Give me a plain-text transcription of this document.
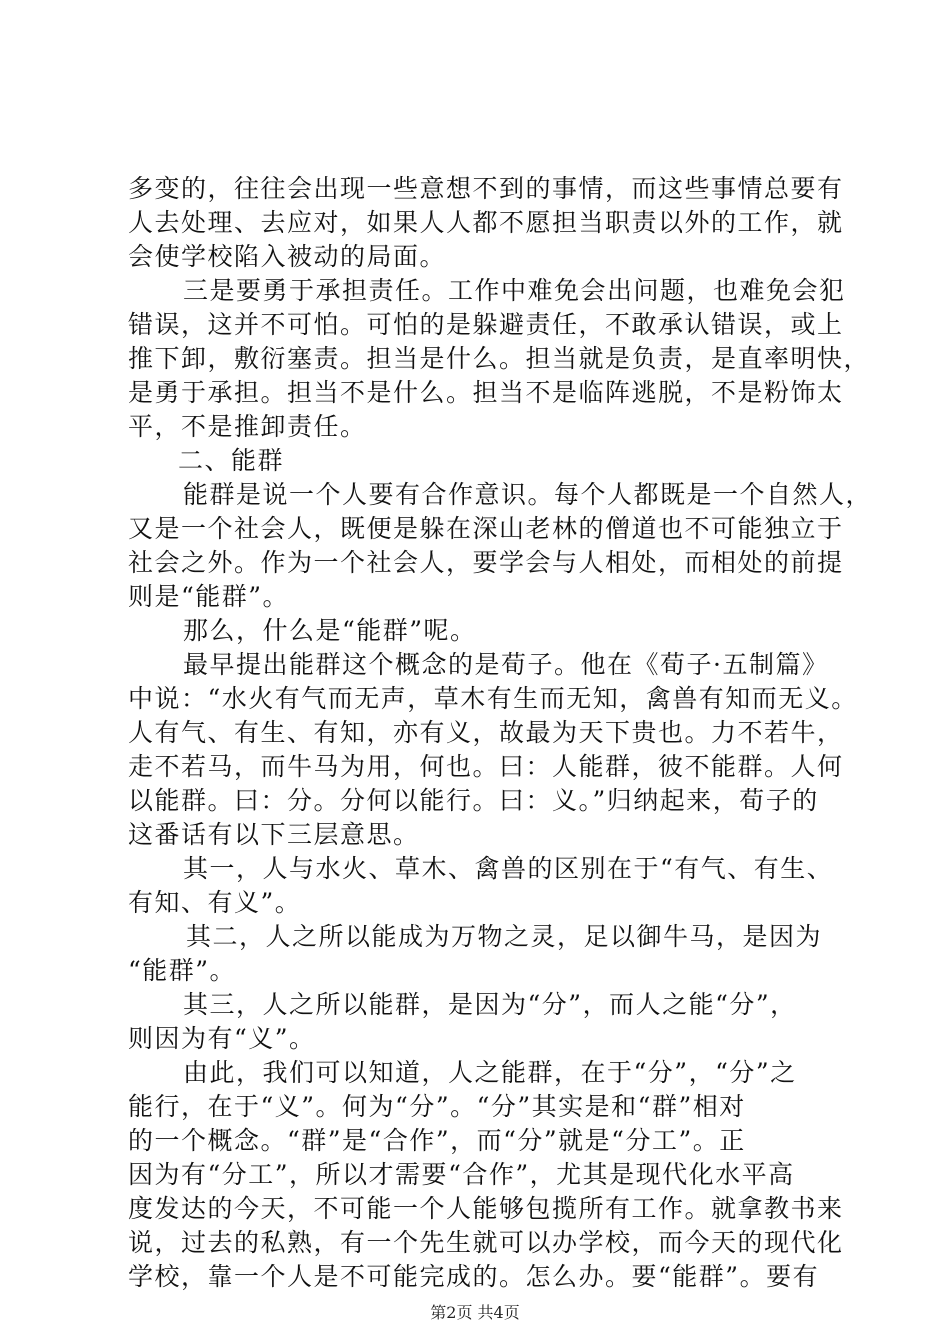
多变的，往往会出现一些意想不到的事情，而这些事情总要有
人去处理、去应对，如果人人都不愿担当职责以外的工作，就
会使学校陷入被动的局面。
三是要勇于承担责任。工作中难免会出问题，也难免会犯
错误，这并不可怕。可怕的是躲避责任，不敢承认错误，或上
推下卸，敷衍塞责。担当是什么。担当就是负责，是直率明快，
是勇于承担。担当不是什么。担当不是临阵逃脱，不是粉饰太
平，不是推卸责任。
二、能群
能群是说一个人要有合作意识。每个人都既是一个自然人，
又是一个社会人，既便是躲在深山老林的僧道也不可能独立于
社会之外。作为一个社会人，要学会与人相处，而相处的前提
则是“能群”。
那么，什么是“能群”呢。
最早提出能群这个概念的是荀子。他在《荀子·五制篇》
中说：“水火有气而无声，草木有生而无知，禽兽有知而无义。
人有气、有生、有知，亦有义，故最为天下贵也。力不若牛，
走不若马，而牛马为用，何也。曰：人能群，彼不能群。人何
以能群。曰：分。分何以能行。曰：义。”归纳起来，荀子的
这番话有以下三层意思。
其一，人与水火、草木、禽兽的区别在于“有气、有生、
有知、有义”。
其二，人之所以能成为万物之灵，足以御牛马，是因为
“能群”。
其三，人之所以能群，是因为“分”，而人之能“分”，
则因为有“义”。
由此，我们可以知道，人之能群，在于“分”，“分”之
能行，在于“义”。何为“分”。“分”其实是和“群”相对
的一个概念。“群”是“合作”，而“分”就是“分工”。正
因为有“分工”，所以才需要“合作”，尤其是现代化水平高
度发达的今天，不可能一个人能够包揽所有工作。就拿教书来
说，过去的私熟，有一个先生就可以办学校，而今天的现代化
学校，靠一个人是不可能完成的。怎么办。要“能群”。要有
第2页 共4页
